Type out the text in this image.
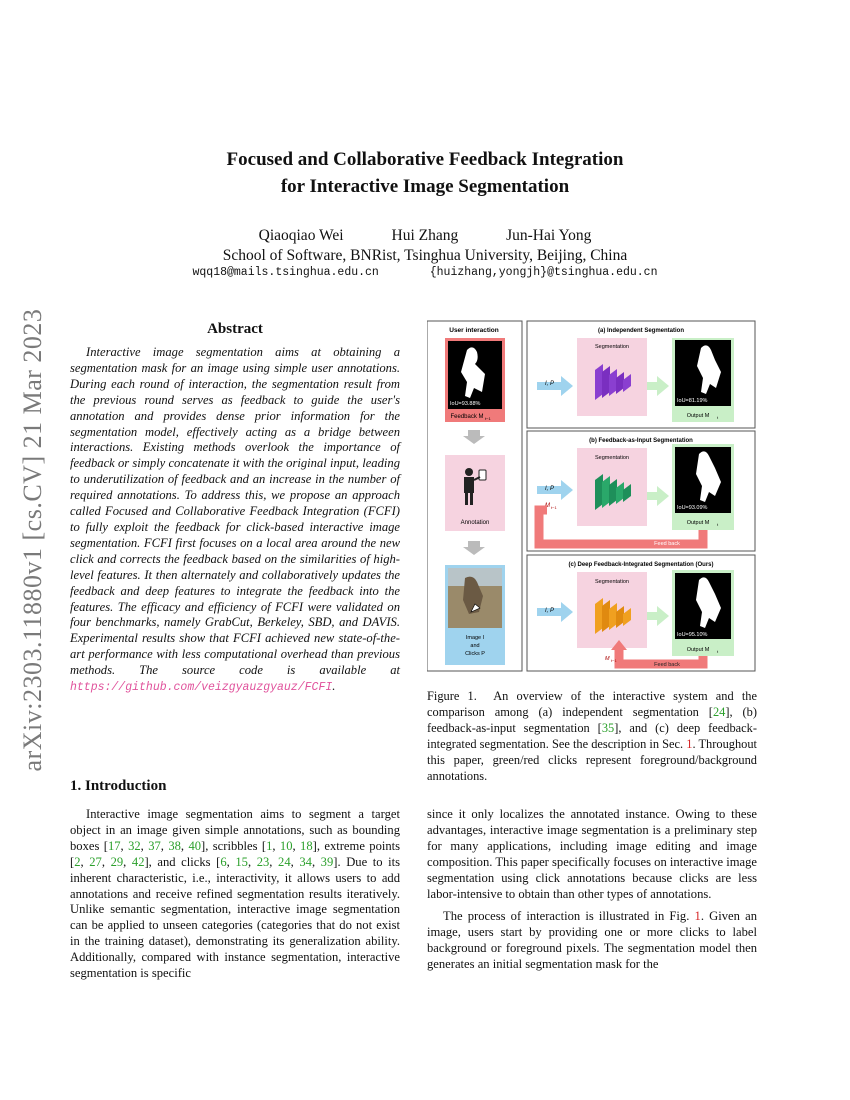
Focused and Collaborative Feedback Integration
for Interactive Image Segmentation
Qiaoqiao Wei	Hui Zhang	Jun-Hai Yong
School of Software, BNRist, Tsinghua University, Beijing, China
wqq18@mails.tsinghua.edu.cn	{huizhang,yongjh}@tsinghua.edu.cn
arXiv:2303.11880v1 [cs.CV] 21 Mar 2023	Abstract
Interactive image segmentation aims at obtaining a segmentation mask for an image using simple user annotations. During each round of interaction, the segmentation result from the previous round serves as feedback to guide the user's annotation and provides dense prior information for the segmentation model, effectively acting as a bridge between interactions. Existing methods overlook the importance of feedback or simply concatenate it with the original input, leading to underutilization of feedback and an increase in the number of required annotations. To address this, we propose an approach called Focused and Collaborative Feedback Integration (FCFI) to fully exploit the feedback for click-based interactive image segmentation. FCFI first focuses on a local area around the new click and corrects the feedback based on the similarities of high-level features. It then alternately and collaboratively updates the feedback and deep features to integrate the feedback into the features. The efficacy and efficiency of FCFI were validated on four benchmarks, namely GrabCut, Berkeley, SBD, and DAVIS. Experimental results show that FCFI achieved new state-of-the-art performance with less computational overhead than previous methods. The source code is available at https://github.com/veizgyauzgyauz/FCFI.
1. Introduction
Interactive image segmentation aims to segment a target object in an image given simple annotations, such as bounding boxes [17, 32, 37, 38, 40], scribbles [1, 10, 18], extreme points [2, 27, 29, 42], and clicks [6, 15, 23, 24, 34, 39]. Due to its inherent characteristic, i.e., interactivity, it allows users to add annotations and receive refined segmentation results iteratively. Unlike semantic segmentation, interactive image segmentation can be applied to unseen categories (categories that do not exist in the training dataset), demonstrating its generalization ability. Additionally, compared with instance segmentation, interactive segmentation is specific

since it only localizes the annotated instance. Owing to these advantages, interactive image segmentation is a preliminary step for many applications, including image editing and image composition. This paper specifically focuses on interactive image segmentation using click annotations because clicks are less labor-intensive to obtain than other types of annotations.

The process of interaction is illustrated in Fig. 1. Given an image, users start by providing one or more clicks to label background or foreground pixels. The segmentation model then generates an initial segmentation mask for the

Figure 1.  An overview of the interactive system and the comparison among (a) independent segmentation [24], (b) feedback-as-input segmentation [35], and (c) deep feedback-integrated segmentation. See the description in Sec. 1. Throughout this paper, green/red clicks represent foreground/background annotations.
User interaction
IoU=93.88%
Feedback M t−1
Annotation
Image I
and
Clicks P
(a) Independent Segmentation
Segmentation
I, P
IoU=81.19%
Output M t
(b) Feedback-as-Input Segmentation
Segmentation
I, P
M t−1	IoU=93.09%
Output M t
Feed back
(c) Deep Feedback-Integrated Segmentation (Ours)
Segmentation
I, P
IoU=95.10%
Output M t
Feed back
M t−1
